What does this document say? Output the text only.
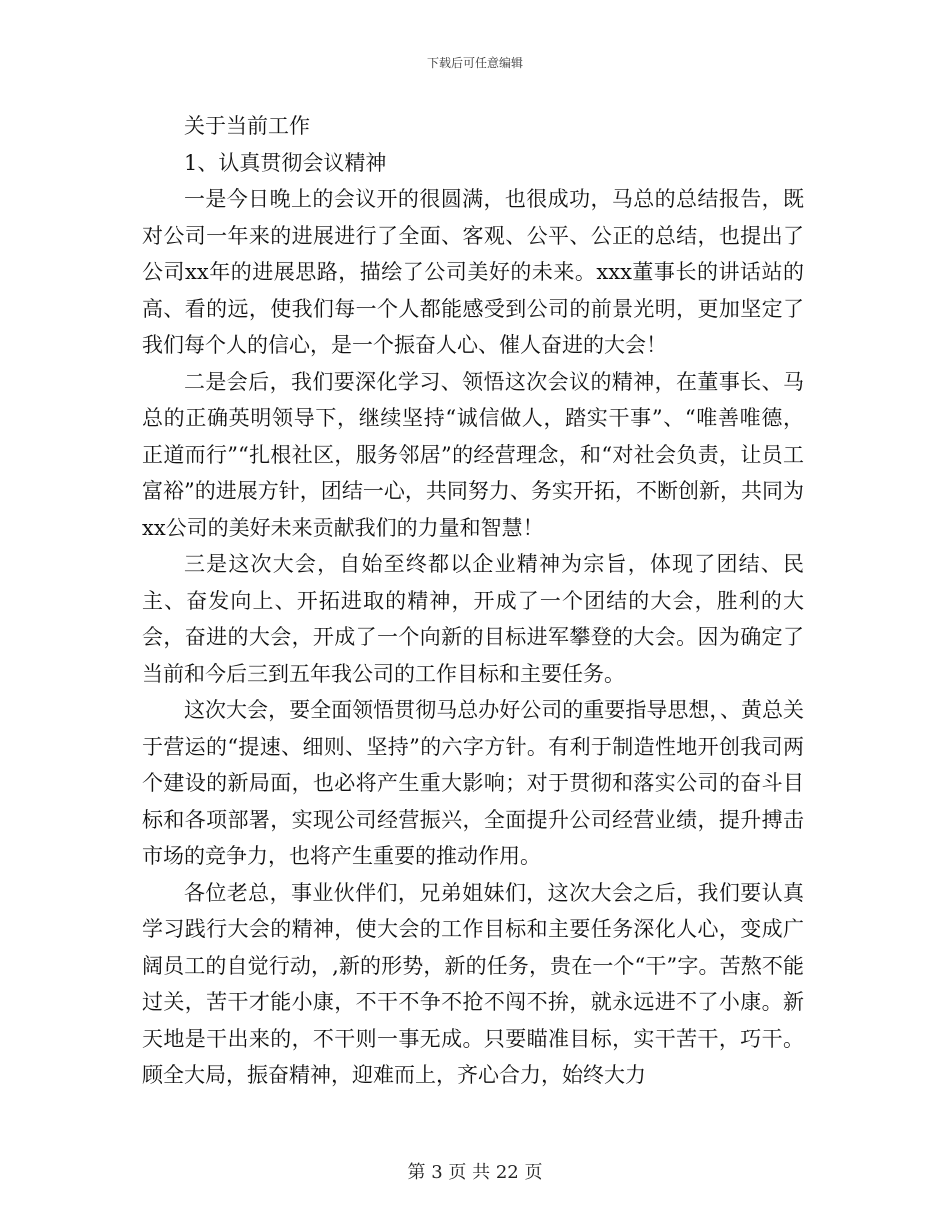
下载后可任意编辑

关于当前工作

1、认真贯彻会议精神

一是今日晚上的会议开的很圆满，也很成功，马总的总结报告，既对公司一年来的进展进行了全面、客观、公平、公正的总结，也提出了公司xx年的进展思路，描绘了公司美好的未来。xxx董事长的讲话站的高、看的远，使我们每一个人都能感受到公司的前景光明，更加坚定了我们每个人的信心，是一个振奋人心、催人奋进的大会！

二是会后，我们要深化学习、领悟这次会议的精神，在董事长、马总的正确英明领导下，继续坚持“诚信做人，踏实干事”、“唯善唯德，正道而行”“扎根社区，服务邻居”的经营理念，和“对社会负责，让员工富裕”的进展方针，团结一心，共同努力、务实开拓，不断创新，共同为xx公司的美好未来贡献我们的力量和智慧！

三是这次大会，自始至终都以企业精神为宗旨，体现了团结、民主、奋发向上、开拓进取的精神，开成了一个团结的大会，胜利的大会，奋进的大会，开成了一个向新的目标进军攀登的大会。因为确定了当前和今后三到五年我公司的工作目标和主要任务。

这次大会，要全面领悟贯彻马总办好公司的重要指导思想，、黄总关于营运的“提速、细则、坚持”的六字方针。有利于制造性地开创我司两个建设的新局面，也必将产生重大影响；对于贯彻和落实公司的奋斗目标和各项部署，实现公司经营振兴，全面提升公司经营业绩，提升搏击市场的竞争力，也将产生重要的推动作用。

各位老总，事业伙伴们，兄弟姐妹们，这次大会之后，我们要认真学习践行大会的精神，使大会的工作目标和主要任务深化人心，变成广阔员工的自觉行动，,新的形势，新的任务，贵在一个“干”字。苦熬不能过关，苦干才能小康，不干不争不抢不闯不拚，就永远进不了小康。新天地是干出来的，不干则一事无成。只要瞄准目标，实干苦干，巧干。顾全大局，振奋精神，迎难而上，齐心合力，始终大力

第 3 页 共 22 页
